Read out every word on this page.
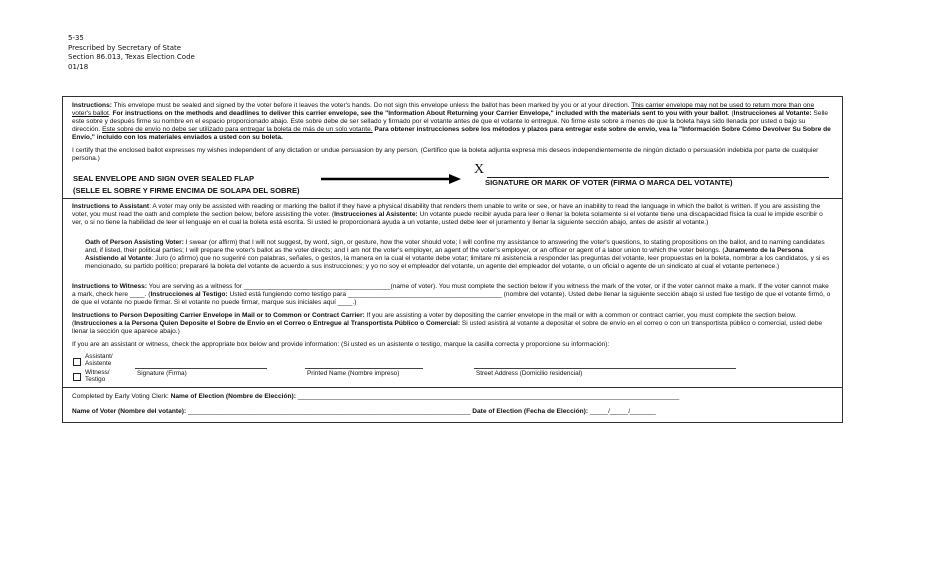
5-35
Prescribed by Secretary of State
Section 86.013, Texas Election Code
01/18

Instructions: This envelope must be sealed and signed by the voter before it leaves the voter's hands. Do not sign this envelope unless the ballot has been marked by you or at your direction. This carrier envelope may not be used to return more than one voter's ballot. For instructions on the methods and deadlines to deliver this carrier envelope, see the "Information About Returning your Carrier Envelope," included with the materials sent to you with your ballot. (Instrucciones al Votante: Selle este sobre y después firme su nombre en el espacio proporcionado abajo. Este sobre debe de ser sellado y firmado por el votante antes de que el votante lo entregue. No firme este sobre a menos de que la boleta haya sido llenada por usted o bajo su dirección. Este sobre de envío no debe ser utilizado para entregar la boleta de más de un solo votante. Para obtener instrucciones sobre los métodos y plazos para entregar este sobre de envío, vea la "Información Sobre Cómo Devolver Su Sobre de Envío," incluido con los materiales enviados a usted con su boleta.

I certify that the enclosed ballot expresses my wishes independent of any dictation or undue persuasion by any person. (Certifico que la boleta adjunta expresa mis deseos independientemente de ningún dictado o persuasión indebida por parte de cualquier persona.)

SEAL ENVELOPE AND SIGN OVER SEALED FLAP
(SELLE EL SOBRE Y FIRME ENCIMA DE SOLAPA DEL SOBRE)
X
SIGNATURE OR MARK OF VOTER (FIRMA O MARCA DEL VOTANTE)

Instructions to Assistant: A voter may only be assisted with reading or marking the ballot if they have a physical disability that renders them unable to write or see, or have an inability to read the language in which the ballot is written. If you are assisting the voter, you must read the oath and complete the section below, before assisting the voter. (Instrucciones al Asistente: Un votante puede recibir ayuda para leer o llenar la boleta solamente si el votante tiene una discapacidad física la cual le impide escribir o ver, o si no tiene la habilidad de leer el lenguaje en el cual la boleta está escrita. Si usted le proporcionará ayuda a un votante, usted debe leer el juramento y llenar la siguiente sección abajo, antes de asistir al votante.)

Oath of Person Assisting Voter: I swear (or affirm) that I will not suggest, by word, sign, or gesture, how the voter should vote; I will confine my assistance to answering the voter's questions, to stating propositions on the ballot, and to naming candidates and, if listed, their political parties; I will prepare the voter's ballot as the voter directs; and I am not the voter's employer, an agent of the voter's employer, or an officer or agent of a labor union to which the voter belongs. (Juramento de la Persona Asistiendo al Votante: Juro (o afirmo) que no sugeriré con palabras, señales, o gestos, la manera en la cual el votante debe votar; limitare mi asistencia a responder las preguntas del votante, leer propuestas en la boleta, nombrar a los candidatos, y si es mencionado, su partido político; prepararé la boleta del votante de acuerdo a sus instrucciones; y yo no soy el empleador del votante, un agente del empleador del votante, o un oficial o agente de un sindicato al cual el votante pertenece.)

Instructions to Witness: You are serving as a witness for ________________________________________(name of voter). You must complete the section below if you witness the mark of the voter, or if the voter cannot make a mark. If the voter cannot make a mark, check here ____. (Instrucciones al Testigo: Usted está fungiendo como testigo para __________________________________________ (nombre del votante). Usted debe llenar la siguiente sección abajo si usted fue testigo de que el votante firmó, o de que el votante no puede firmar. Si el votante no puede firmar, marque sus iniciales aquí ____.)

Instructions to Person Depositing Carrier Envelope in Mail or to Common or Contract Carrier: If you are assisting a voter by depositing the carrier envelope in the mail or with a common or contract carrier, you must complete the section below. (Instrucciones a la Persona Quien Deposite el Sobre de Envío en el Correo o Entregue al Transportista Público o Comercial: Si usted asistirá al votante a depositar el sobre de envío en el correo o con un transportista público o comercial, usted debe llenar la sección que aparece abajo.)

If you are an assistant or witness, check the appropriate box below and provide information: (Si usted es un asistente o testigo, marque la casilla correcta y proporcione su información):

Assistant/
Asistente
Witness/
Testigo
Signature (Firma)	Printed Name (Nombre impreso)	Street Address (Domicilio residencial)

Completed by Early Voting Clerk: Name of Election (Nombre de Elección): ________________________________________________________________________________________________________

Name of Voter (Nombre del votante): _____________________________________________________________________________ Date of Election (Fecha de Elección): _____/_____/_______
